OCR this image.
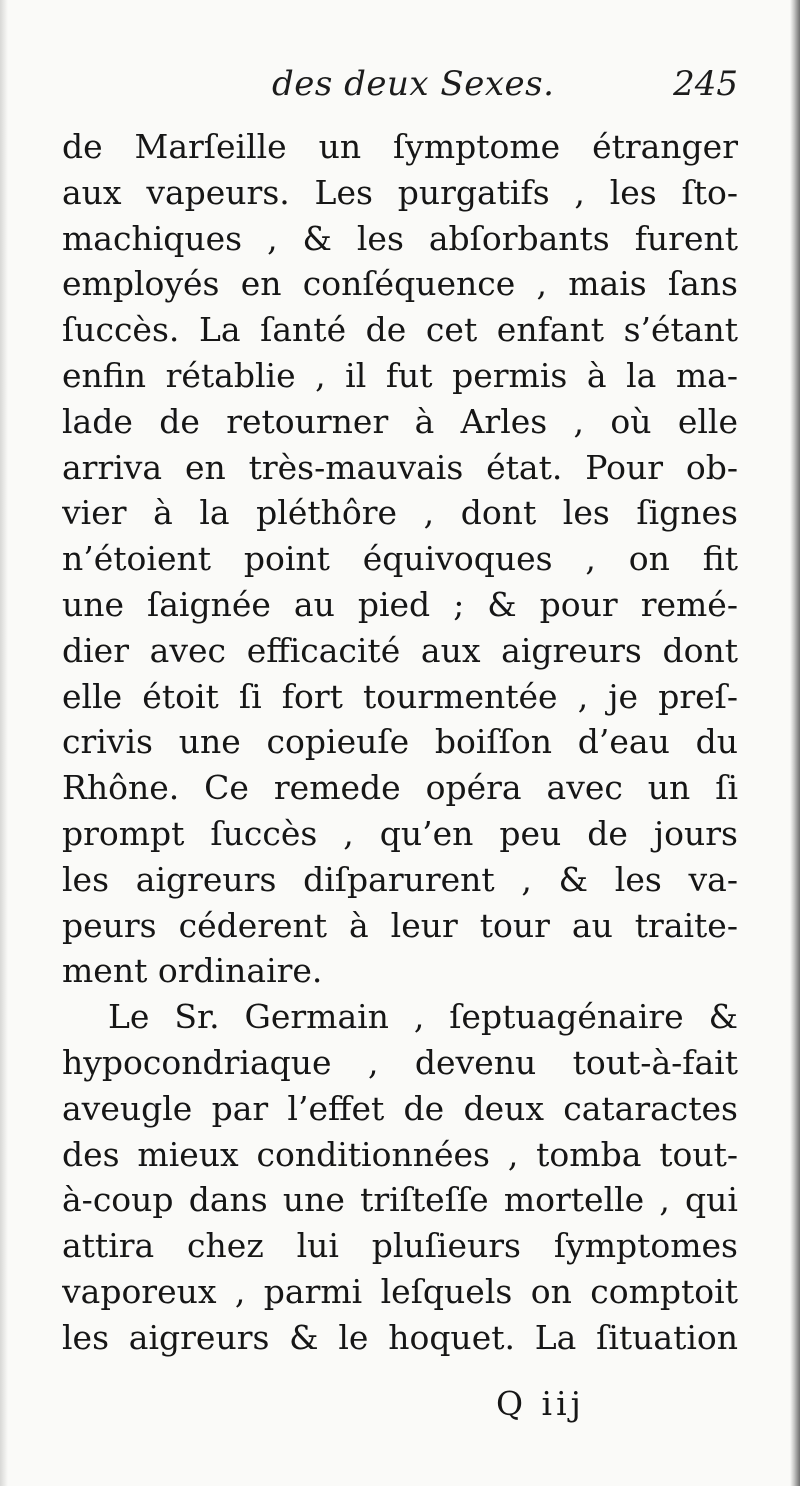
des deux Sexes.	245
de Marſeille un ſymptome étranger
aux vapeurs. Les purgatifs , les ſto-
machiques , & les abſorbants furent
employés en conſéquence , mais ſans
ſuccès. La ſanté de cet enfant s’étant
enfin rétablie , il fut permis à la ma-
lade de retourner à Arles , où elle
arriva en très-mauvais état. Pour ob-
vier à la pléthôre , dont les ſignes
n’étoient point équivoques , on fit
une ſaignée au pied ; & pour remé-
dier avec efficacité aux aigreurs dont
elle étoit ſi fort tourmentée , je preſ-
crivis une copieuſe boiſſon d’eau du
Rhône. Ce remede opéra avec un ſi
prompt ſuccès , qu’en peu de jours
les aigreurs diſparurent , & les va-
peurs céderent à leur tour au traite-
ment ordinaire.
Le Sr. Germain , ſeptuagénaire &
hypocondriaque , devenu tout-à-fait
aveugle par l’effet de deux cataractes
des mieux conditionnées , tomba tout-
à-coup dans une triſteſſe mortelle , qui
attira chez lui pluſieurs ſymptomes
vaporeux , parmi leſquels on comptoit
les aigreurs & le hoquet. La ſituation
Q iij
